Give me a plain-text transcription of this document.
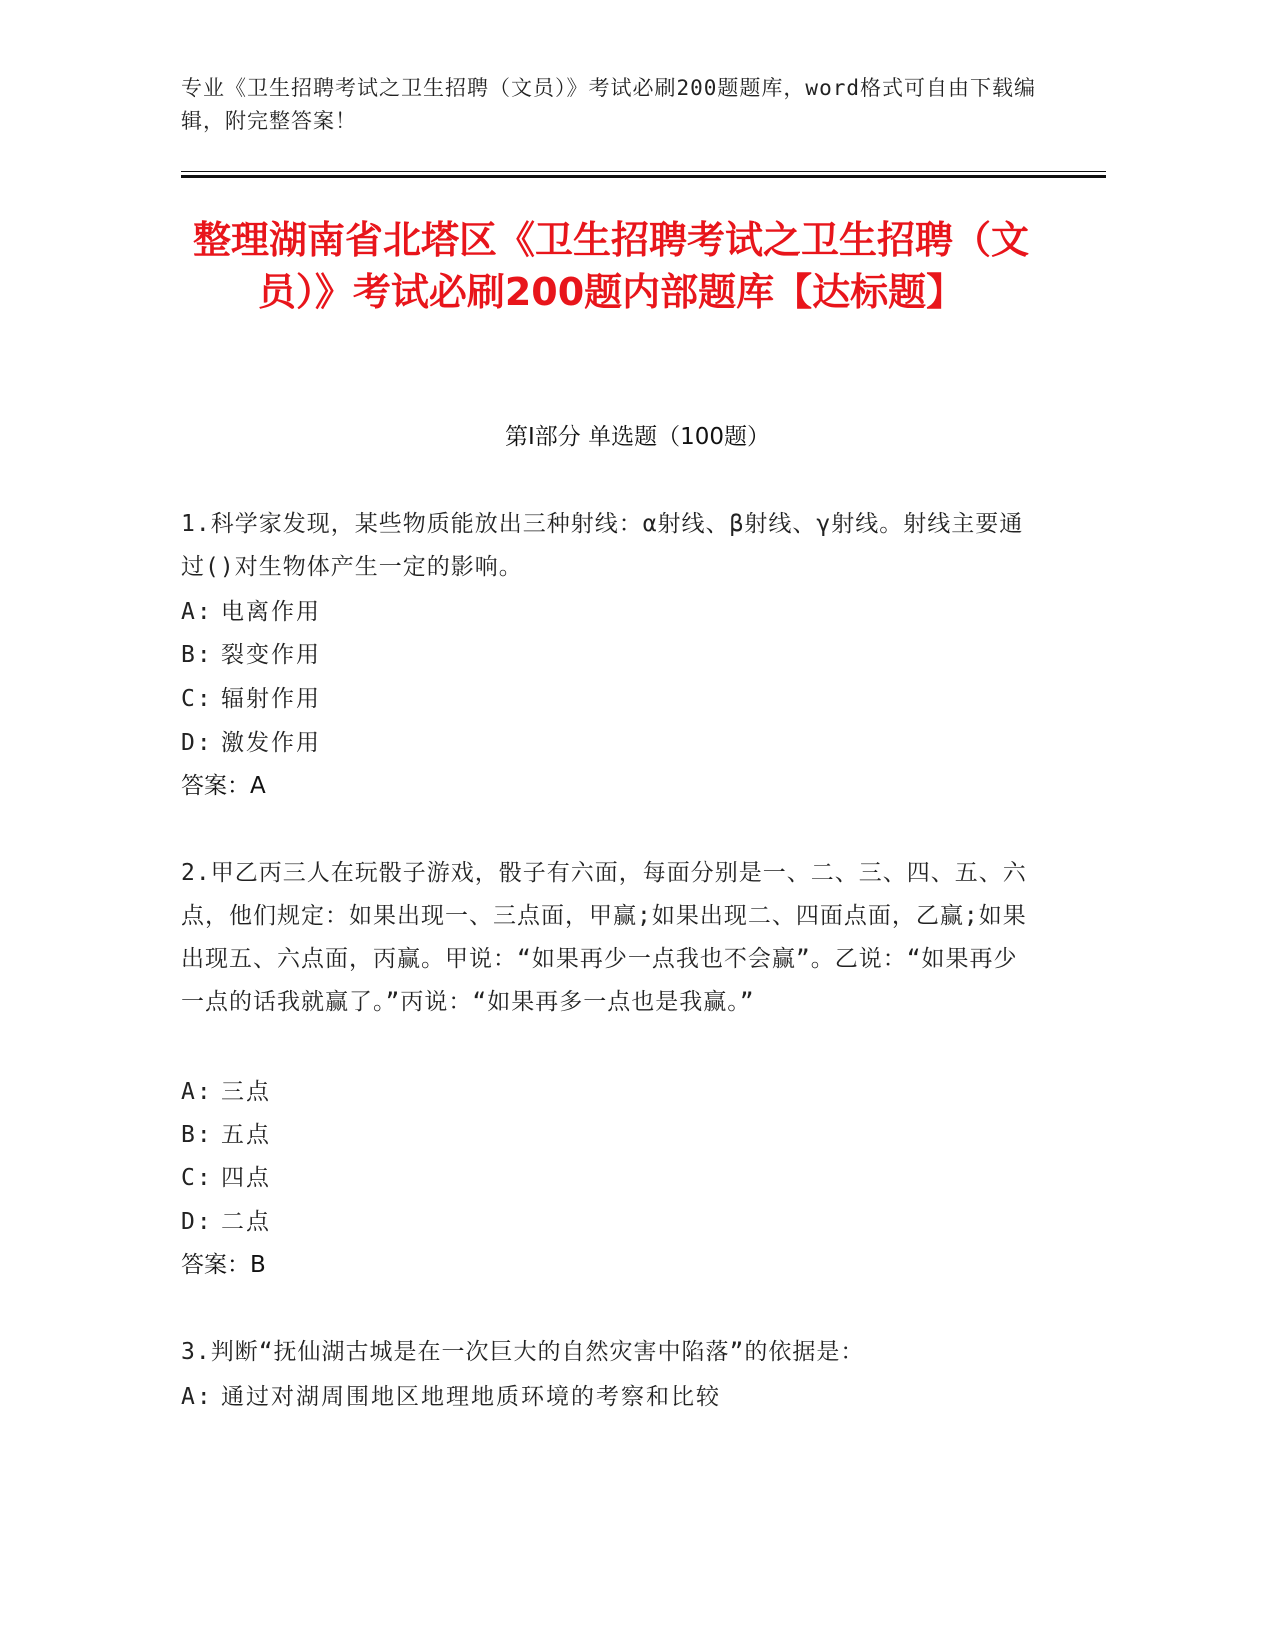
专业《卫生招聘考试之卫生招聘（文员）》考试必刷200题题库，word格式可自由下载编辑，附完整答案！
整理湖南省北塔区《卫生招聘考试之卫生招聘（文员）》考试必刷200题内部题库【达标题】
第Ⅰ部分 单选题（100题）
1.科学家发现，某些物质能放出三种射线：α射线、β射线、γ射线。射线主要通过()对生物体产生一定的影响。
A: 电离作用
B: 裂变作用
C: 辐射作用
D: 激发作用
答案：A
2.甲乙丙三人在玩骰子游戏，骰子有六面，每面分别是一、二、三、四、五、六点，他们规定：如果出现一、三点面，甲赢;如果出现二、四面点面，乙赢;如果出现五、六点面，丙赢。甲说：“如果再少一点我也不会赢”。乙说：“如果再少一点的话我就赢了。”丙说：“如果再多一点也是我赢。”
A: 三点
B: 五点
C: 四点
D: 二点
答案：B
3.判断“抚仙湖古城是在一次巨大的自然灾害中陷落”的依据是：
A: 通过对湖周围地区地理地质环境的考察和比较
